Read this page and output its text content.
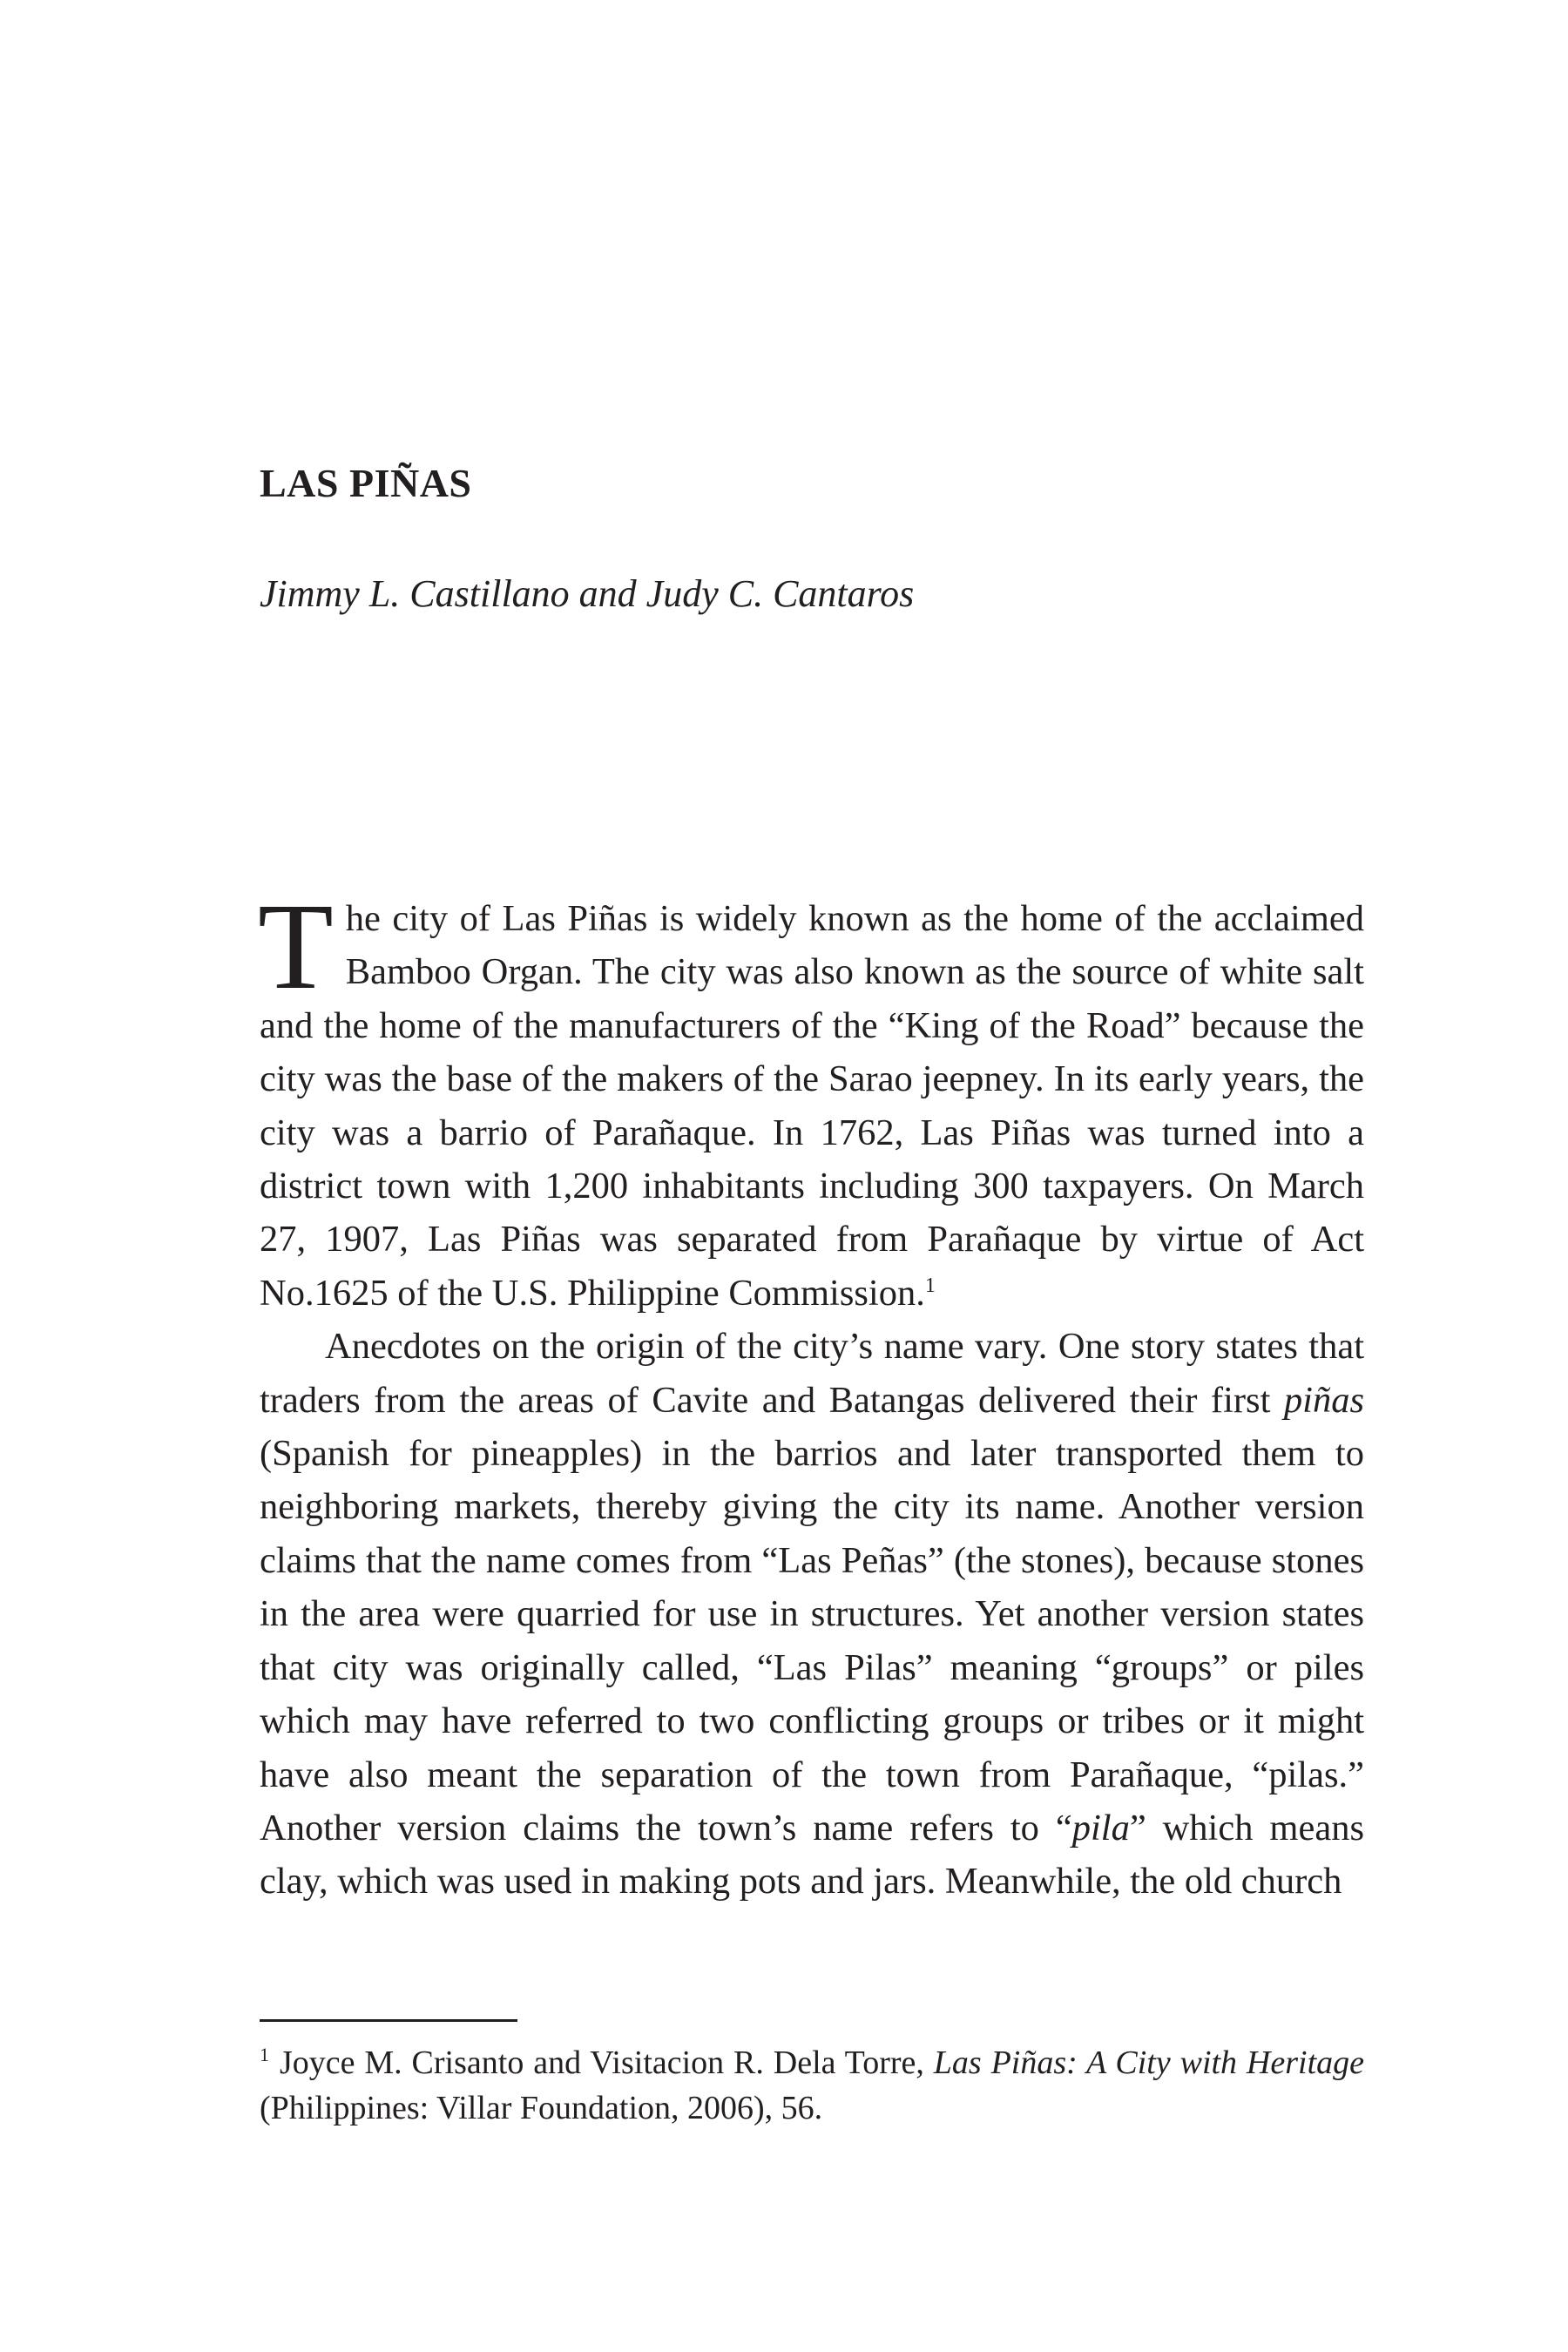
LAS PIÑAS

Jimmy L. Castillano and Judy C. Cantaros

The city of Las Piñas is widely known as the home of the acclaimed Bamboo Organ. The city was also known as the source of white salt and the home of the manufacturers of the “King of the Road” because the city was the base of the makers of the Sarao jeepney. In its early years, the city was a barrio of Parañaque. In 1762, Las Piñas was turned into a district town with 1,200 inhabitants including 300 taxpayers. On March 27, 1907, Las Piñas was separated from Parañaque by virtue of Act No.1625 of the U.S. Philippine Commission.$^1$

Anecdotes on the origin of the city’s name vary. One story states that traders from the areas of Cavite and Batangas delivered their first piñas (Spanish for pineapples) in the barrios and later transported them to neighboring markets, thereby giving the city its name. Another version claims that the name comes from “Las Peñas” (the stones), because stones in the area were quarried for use in structures. Yet another version states that city was originally called, “Las Pilas” meaning “groups” or piles which may have referred to two conflicting groups or tribes or it might have also meant the separation of the town from Parañaque, “pilas.” Another version claims the town’s name refers to “pila” which means clay, which was used in making pots and jars. Meanwhile, the old church

$^1$ Joyce M. Crisanto and Visitacion R. Dela Torre, Las Piñas: A City with Heritage (Philippines: Villar Foundation, 2006), 56.
